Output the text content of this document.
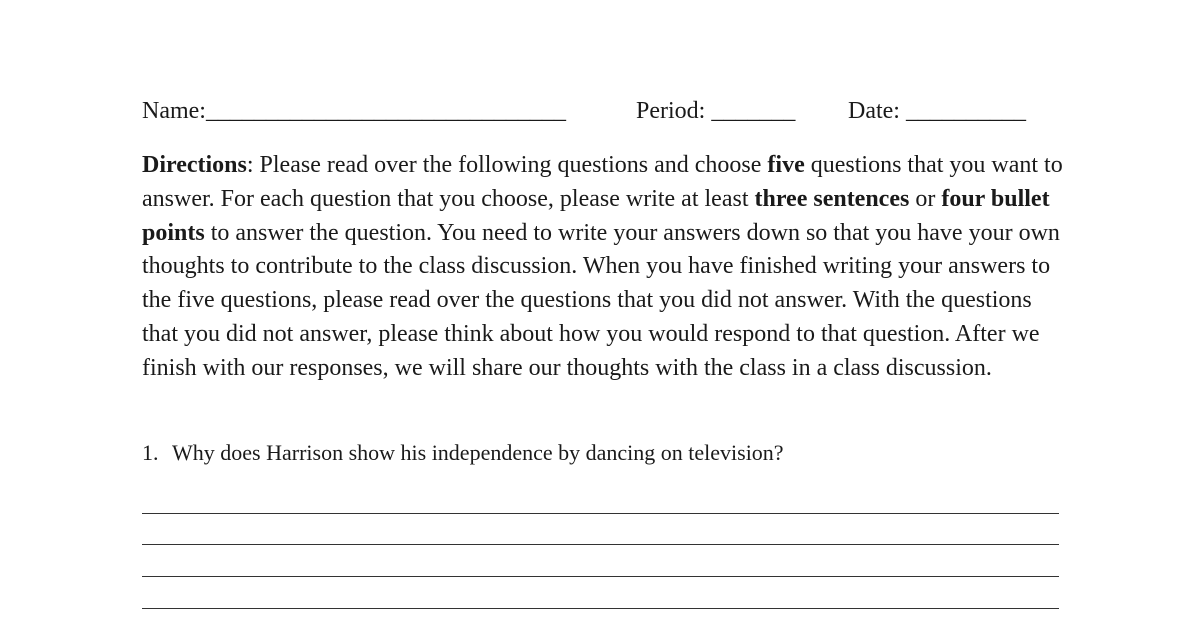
Name:______________________________	Period: _______ Date: __________

Directions: Please read over the following questions and choose five questions that you want to answer. For each question that you choose, please write at least three sentences or four bullet points to answer the question. You need to write your answers down so that you have your own thoughts to contribute to the class discussion. When you have finished writing your answers to the five questions, please read over the questions that you did not answer. With the questions that you did not answer, please think about how you would respond to that question. After we finish with our responses, we will share our thoughts with the class in a class discussion.

1. Why does Harrison show his independence by dancing on television?
